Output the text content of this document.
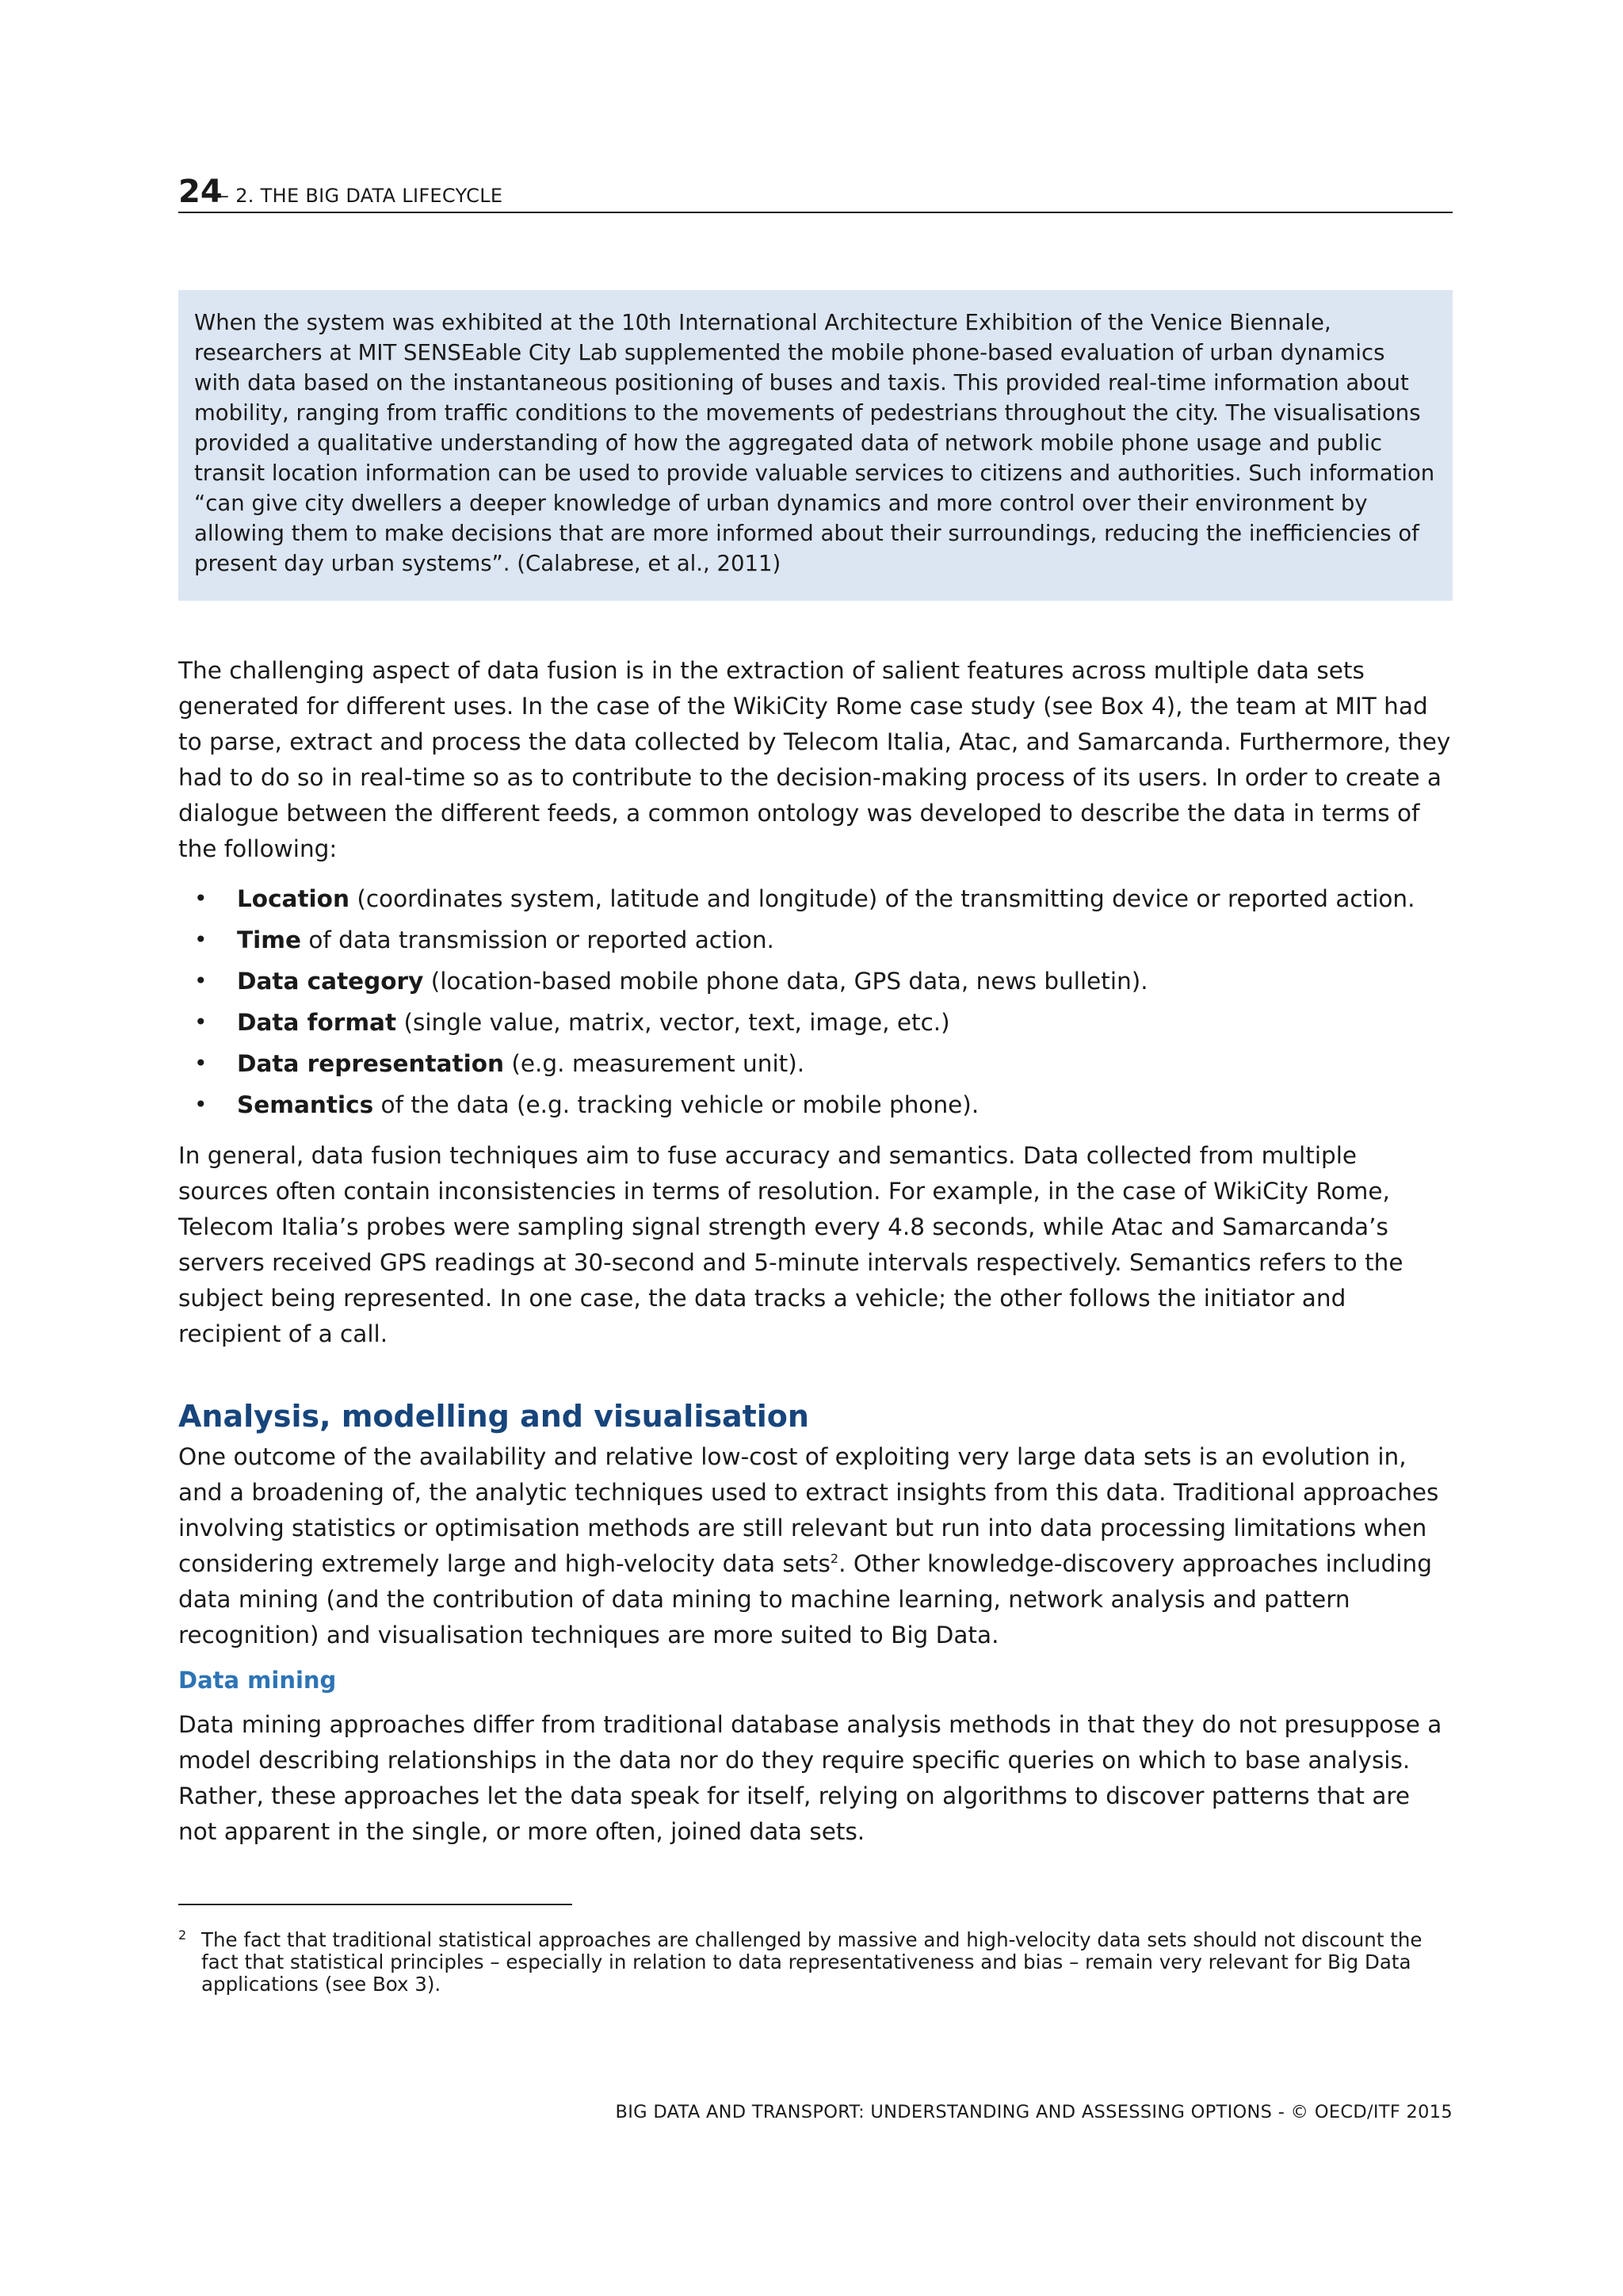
24
– 2. THE BIG DATA LIFECYCLE
When the system was exhibited at the 10th International Architecture Exhibition of the Venice Biennale, researchers at MIT SENSEable City Lab supplemented the mobile phone-based evaluation of urban dynamics with data based on the instantaneous positioning of buses and taxis. This provided real-time information about mobility, ranging from traffic conditions to the movements of pedestrians throughout the city. The visualisations provided a qualitative understanding of how the aggregated data of network mobile phone usage and public transit location information can be used to provide valuable services to citizens and authorities. Such information “can give city dwellers a deeper knowledge of urban dynamics and more control over their environment by allowing them to make decisions that are more informed about their surroundings, reducing the inefficiencies of present day urban systems”. (Calabrese, et al., 2011)

The challenging aspect of data fusion is in the extraction of salient features across multiple data sets generated for different uses. In the case of the WikiCity Rome case study (see Box 4), the team at MIT had to parse, extract and process the data collected by Telecom Italia, Atac, and Samarcanda. Furthermore, they had to do so in real-time so as to contribute to the decision-making process of its users. In order to create a dialogue between the different feeds, a common ontology was developed to describe the data in terms of the following:

• Location (coordinates system, latitude and longitude) of the transmitting device or reported action.
• Time of data transmission or reported action.
• Data category (location-based mobile phone data, GPS data, news bulletin).
• Data format (single value, matrix, vector, text, image, etc.)
• Data representation (e.g. measurement unit).
• Semantics of the data (e.g. tracking vehicle or mobile phone).

In general, data fusion techniques aim to fuse accuracy and semantics. Data collected from multiple sources often contain inconsistencies in terms of resolution. For example, in the case of WikiCity Rome, Telecom Italia’s probes were sampling signal strength every 4.8 seconds, while Atac and Samarcanda’s servers received GPS readings at 30-second and 5-minute intervals respectively. Semantics refers to the subject being represented. In one case, the data tracks a vehicle; the other follows the initiator and recipient of a call.

Analysis, modelling and visualisation

One outcome of the availability and relative low-cost of exploiting very large data sets is an evolution in, and a broadening of, the analytic techniques used to extract insights from this data. Traditional approaches involving statistics or optimisation methods are still relevant but run into data processing limitations when considering extremely large and high-velocity data sets$^2$. Other knowledge-discovery approaches including data mining (and the contribution of data mining to machine learning, network analysis and pattern recognition) and visualisation techniques are more suited to Big Data.

Data mining

Data mining approaches differ from traditional database analysis methods in that they do not presuppose a model describing relationships in the data nor do they require specific queries on which to base analysis. Rather, these approaches let the data speak for itself, relying on algorithms to discover patterns that are not apparent in the single, or more often, joined data sets.

2 The fact that traditional statistical approaches are challenged by massive and high-velocity data sets should not discount the fact that statistical principles – especially in relation to data representativeness and bias – remain very relevant for Big Data applications (see Box 3).
BIG DATA AND TRANSPORT: UNDERSTANDING AND ASSESSING OPTIONS - © OECD/ITF 2015
